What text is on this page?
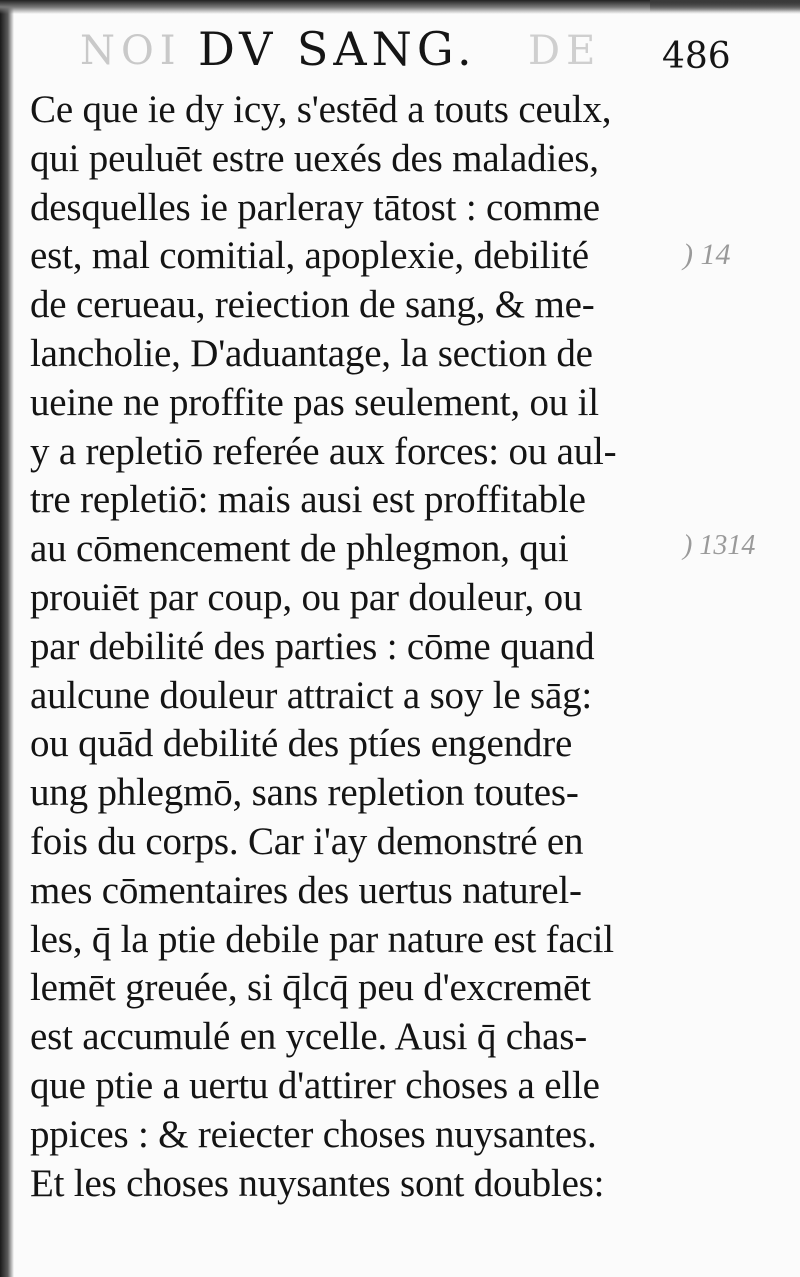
NOI DV SANG. DE 486
Ce que ie dy icy, s'estēd a touts ceulx,
qui peuluēt estre uexés des maladies,
desquelles ie parleray tātost : comme
est, mal comitial, apoplexie, debilité
de cerueau, reiection de sang, & me-
lancholie, D'aduantage, la section de
ueine ne proffite pas seulement, ou il
y a repletiō referée aux forces: ou aul-
tre repletiō: mais ausi est proffitable
au cōmencement de phlegmon, qui
prouiēt par coup, ou par douleur, ou
par debilité des parties : cōme quand
aulcune douleur attraict a soy le sāg:
ou quād debilité des ptíes engendre
ung phlegmō, sans repletion toutes-
fois du corps. Car i'ay demonstré en
mes cōmentaires des uertus naturel-
les, q̄ la ptie debile par nature est facil
lemēt greuée, si q̄lcq̄ peu d'excremēt
est accumulé en ycelle. Ausi q̄ chas-
que ptie a uertu d'attirer choses a elle
ppices : & reiecter choses nuysantes.
Et les choses nuysantes sont doubles:
) 14
) 1314
